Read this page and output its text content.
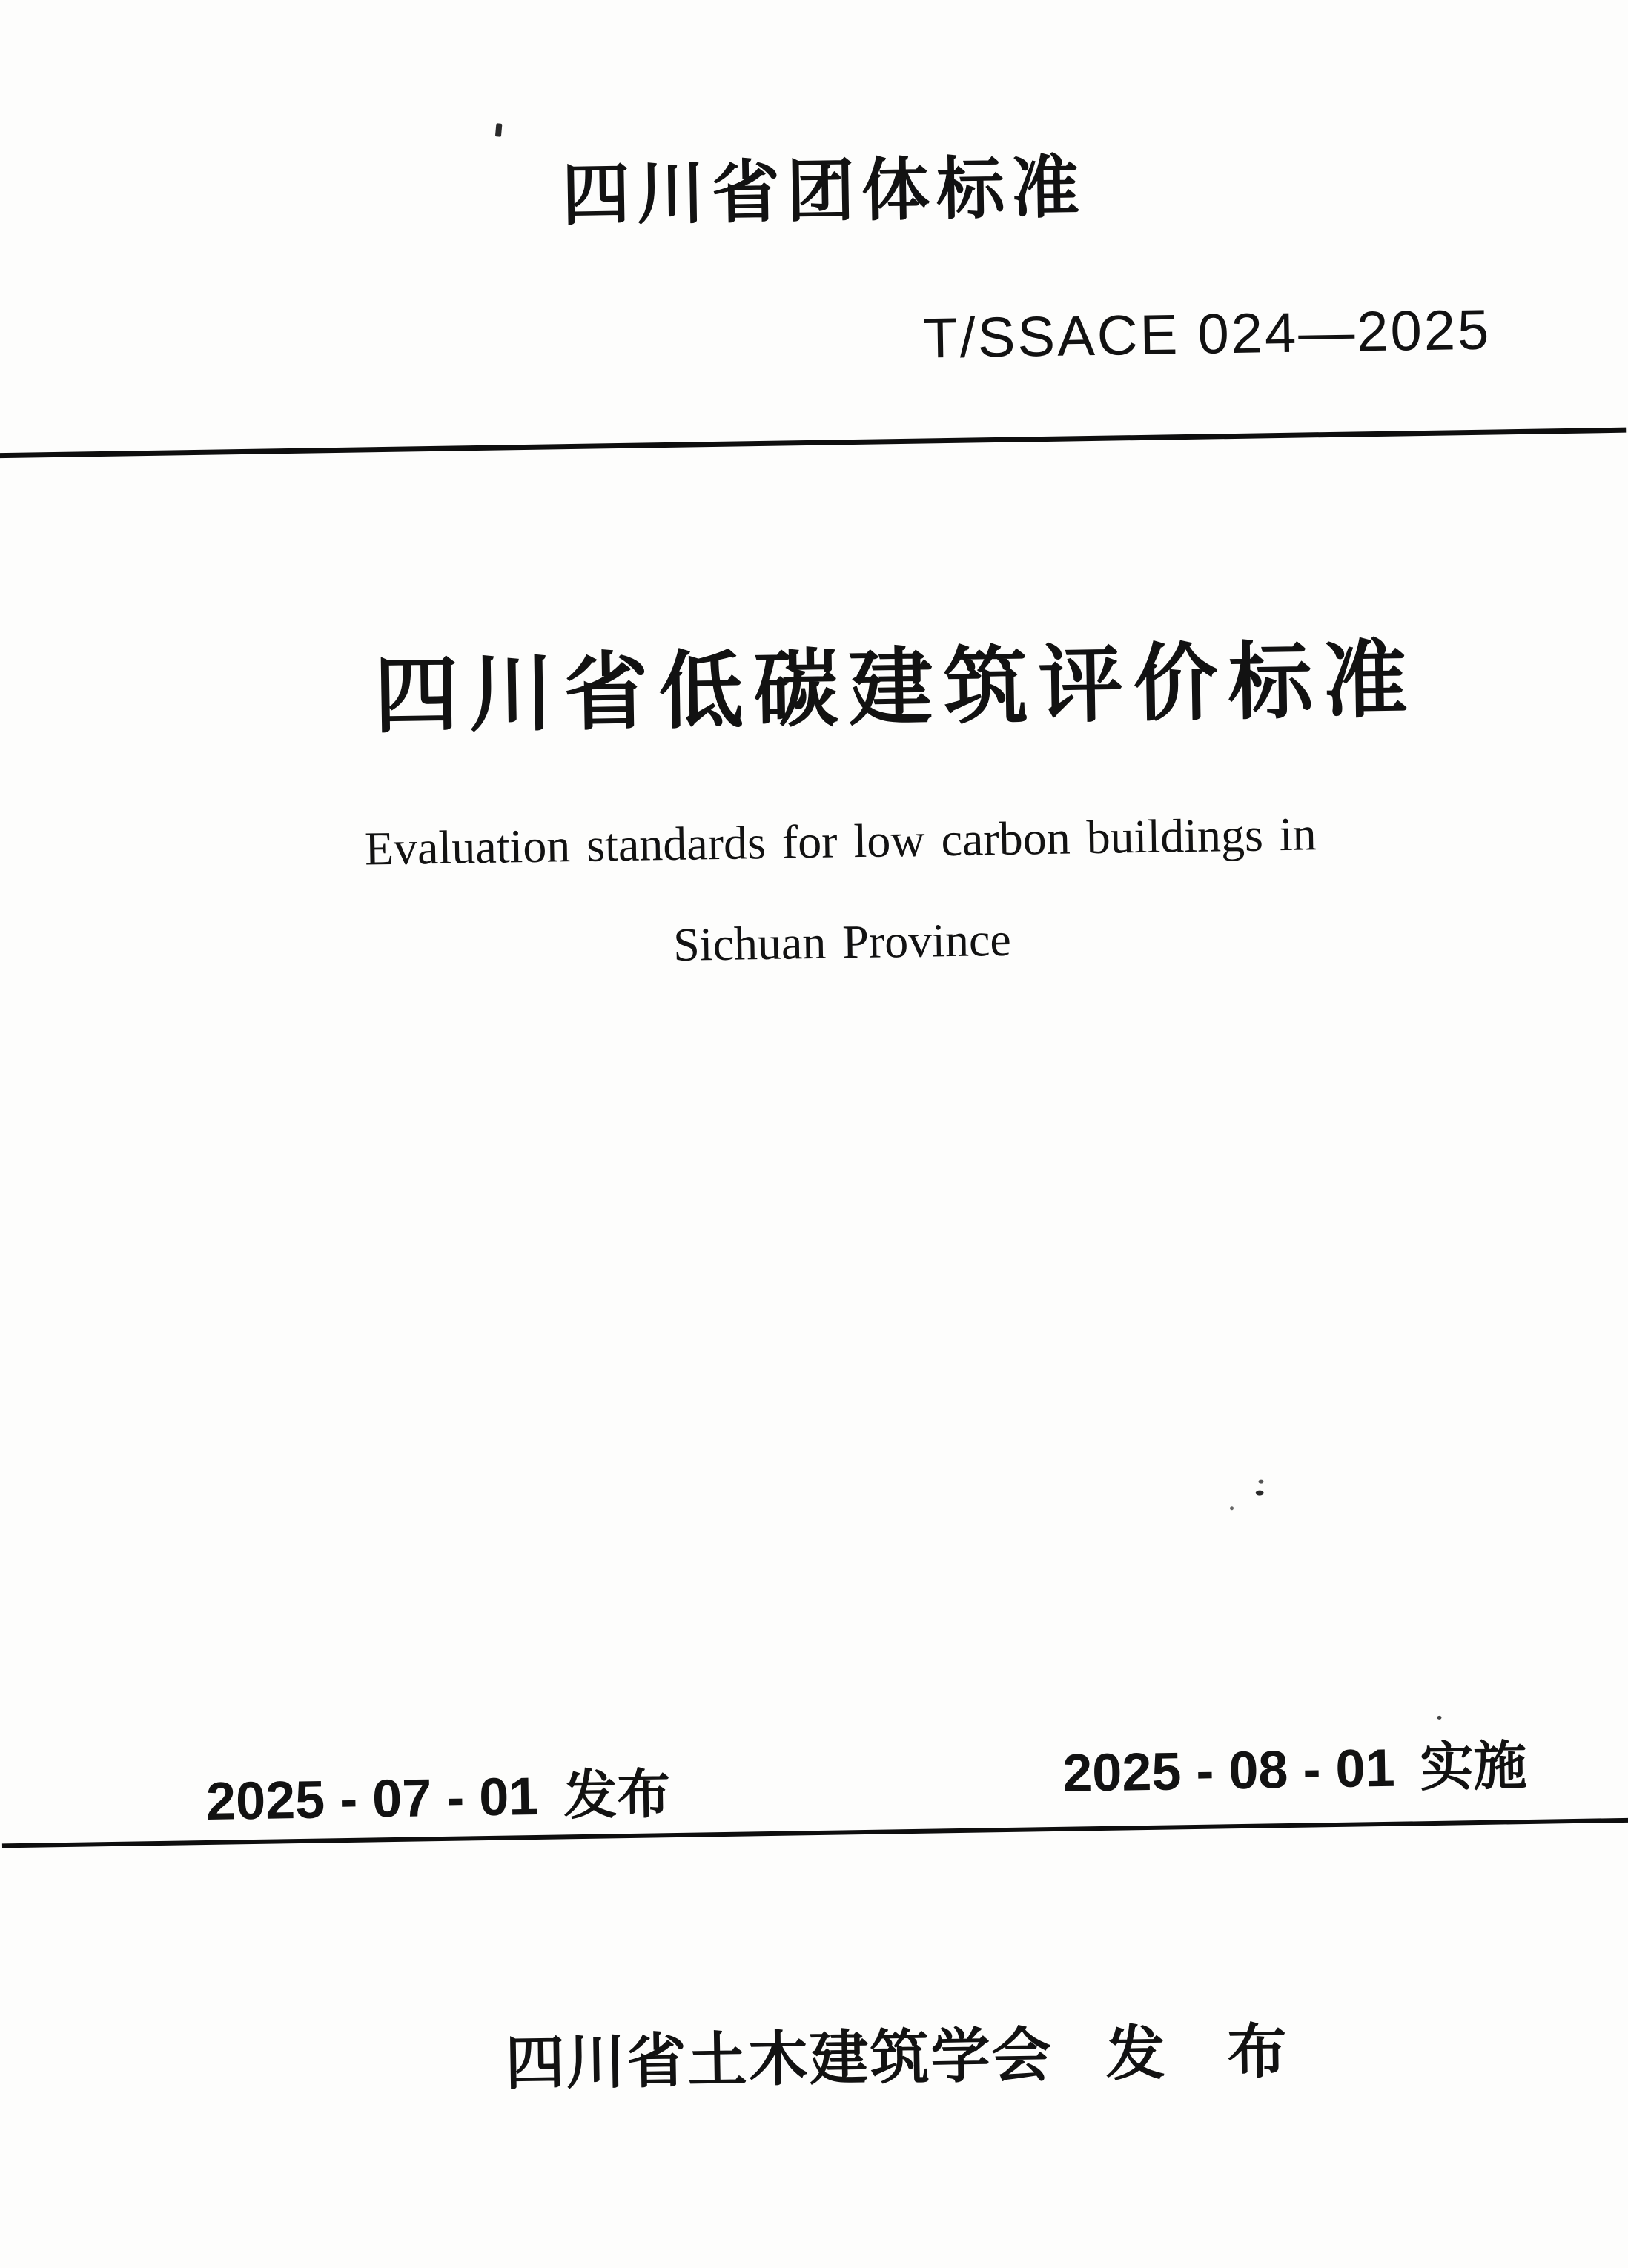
四川省团体标准
T/SSACE 024—2025
四川省低碳建筑评价标准
Evaluation standards for low carbon buildings in
Sichuan Province
2025 - 07 - 01 发布	2025 - 08 - 01 实施
四川省土木建筑学会 发　布
